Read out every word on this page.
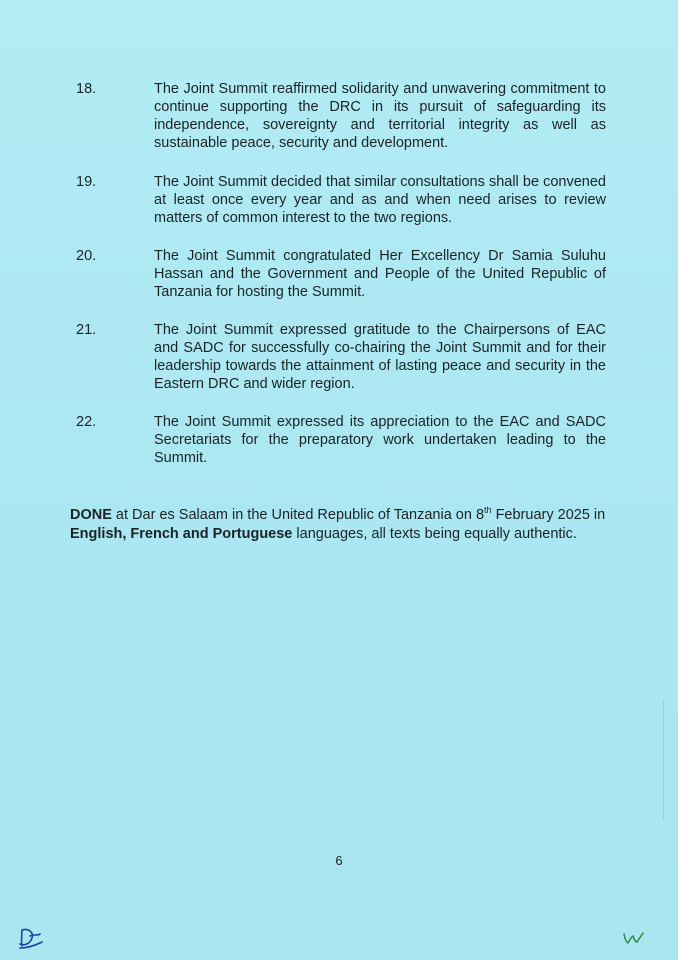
18.	The Joint Summit reaffirmed solidarity and unwavering commitment to continue supporting the DRC in its pursuit of safeguarding its independence, sovereignty and territorial integrity as well as sustainable peace, security and development.
19.	The Joint Summit decided that similar consultations shall be convened at least once every year and as and when need arises to review matters of common interest to the two regions.
20.	The Joint Summit congratulated Her Excellency Dr Samia Suluhu Hassan and the Government and People of the United Republic of Tanzania for hosting the Summit.
21.	The Joint Summit expressed gratitude to the Chairpersons of EAC and SADC for successfully co-chairing the Joint Summit and for their leadership towards the attainment of lasting peace and security in the Eastern DRC and wider region.
22.	The Joint Summit expressed its appreciation to the EAC and SADC Secretariats for the preparatory work undertaken leading to the Summit.
DONE at Dar es Salaam in the United Republic of Tanzania on 8th February 2025 in English, French and Portuguese languages, all texts being equally authentic.
6
